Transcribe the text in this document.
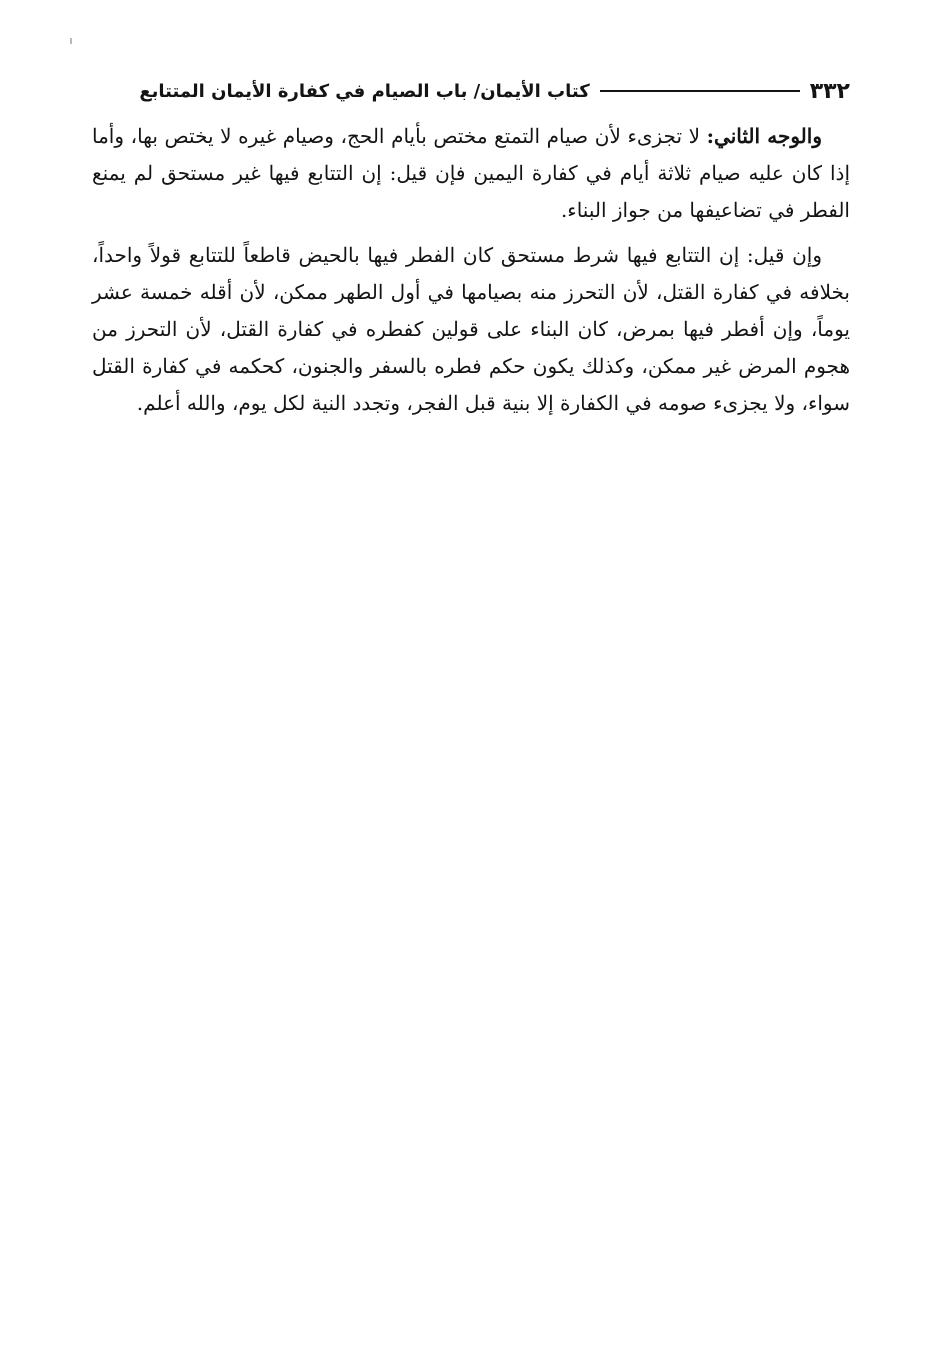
٣٣٢
كتاب الأيمان/ باب الصيام في كفارة الأيمان المتتابع

والوجه الثاني: لا تجزىء لأن صيام التمتع مختص بأيام الحج، وصيام غيره لا يختص بها، وأما إذا كان عليه صيام ثلاثة أيام في كفارة اليمين فإن قيل: إن التتابع فيها غير مستحق لم يمنع الفطر في تضاعيفها من جواز البناء.

وإن قيل: إن التتابع فيها شرط مستحق كان الفطر فيها بالحيض قاطعاً للتتابع قولاً واحداً، بخلافه في كفارة القتل، لأن التحرز منه بصيامها في أول الطهر ممكن، لأن أقله خمسة عشر يوماً، وإن أفطر فيها بمرض، كان البناء على قولين كفطره في كفارة القتل، لأن التحرز من هجوم المرض غير ممكن، وكذلك يكون حكم فطره بالسفر والجنون، كحكمه في كفارة القتل سواء، ولا يجزىء صومه في الكفارة إلا بنية قبل الفجر، وتجدد النية لكل يوم، والله أعلم.
